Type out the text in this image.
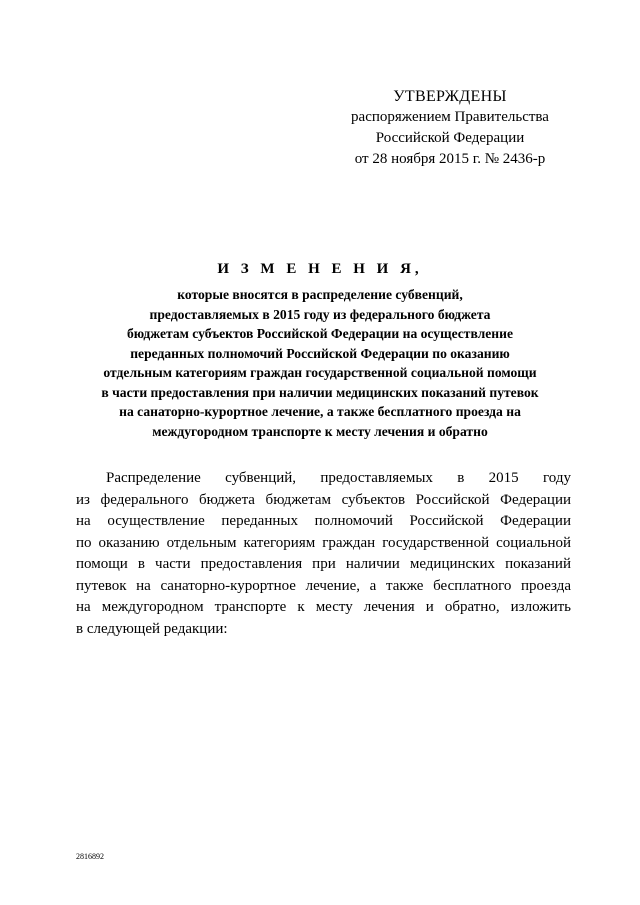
УТВЕРЖДЕНЫ
распоряжением Правительства
Российской Федерации
от 28 ноября 2015 г. № 2436-р
И З М Е Н Е Н И Я,
которые вносятся в распределение субвенций,
предоставляемых в 2015 году из федерального бюджета
бюджетам субъектов Российской Федерации на осуществление
переданных полномочий Российской Федерации по оказанию
отдельным категориям граждан государственной социальной помощи
в части предоставления при наличии медицинских показаний путевок
на санаторно-курортное лечение, а также бесплатного проезда на
междугородном транспорте к месту лечения и обратно
Распределение субвенций, предоставляемых в 2015 году
из федерального бюджета бюджетам субъектов Российской Федерации
на осуществление переданных полномочий Российской Федерации
по оказанию отдельным категориям граждан государственной социальной
помощи в части предоставления при наличии медицинских показаний
путевок на санаторно-курортное лечение, а также бесплатного проезда
на междугородном транспорте к месту лечения и обратно, изложить
в следующей редакции:
2816892
